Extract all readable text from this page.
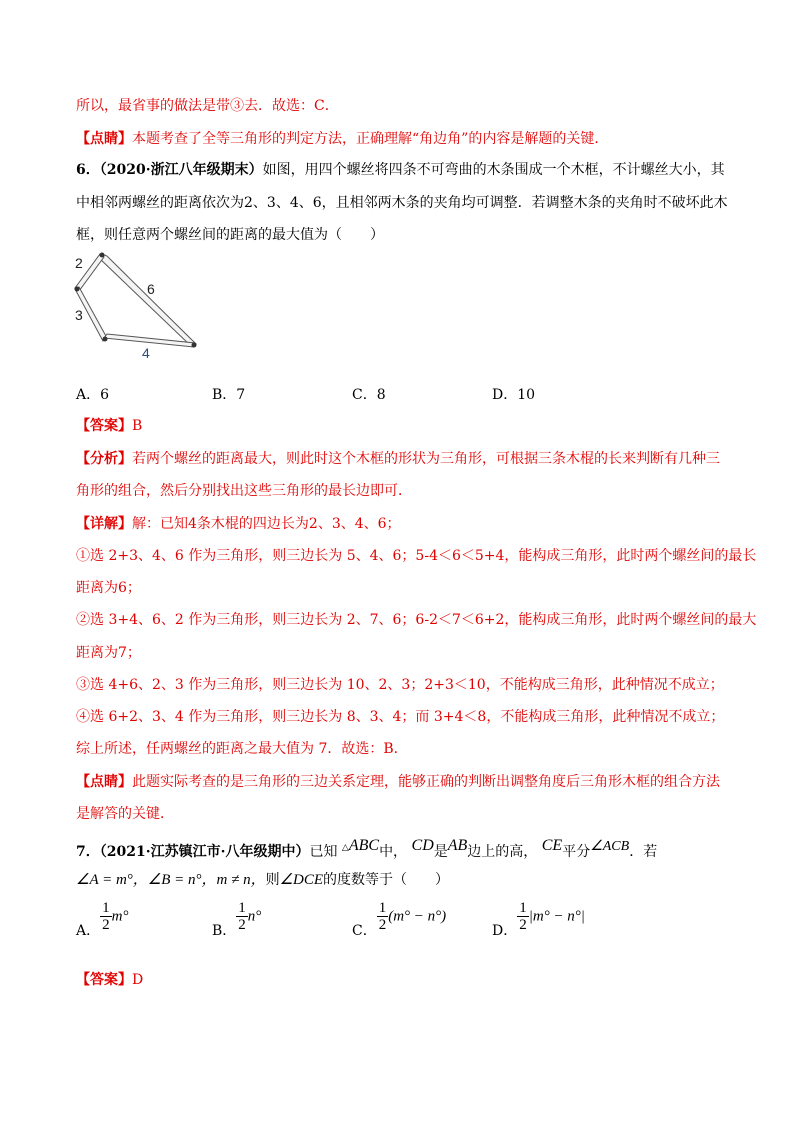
所以，最省事的做法是带③去．故选：C．
【点睛】本题考查了全等三角形的判定方法，正确理解“角边角”的内容是解题的关键．
6．（2020·浙江八年级期末）如图，用四个螺丝将四条不可弯曲的木条围成一个木框，不计螺丝大小，其
中相邻两螺丝的距离依次为2、3、4、6，且相邻两木条的夹角均可调整．若调整木条的夹角时不破坏此木
框，则任意两个螺丝间的距离的最大值为（　　）
2
6
3
4
A．6	B．7	C．8	D．10
【答案】B
【分析】若两个螺丝的距离最大，则此时这个木框的形状为三角形，可根据三条木棍的长来判断有几种三
角形的组合，然后分别找出这些三角形的最长边即可．
【详解】解：已知4条木棍的四边长为2、3、4、6；
①选 2+3、4、6 作为三角形，则三边长为 5、4、6；5-4＜6＜5+4，能构成三角形，此时两个螺丝间的最长
距离为6；
②选 3+4、6、2 作为三角形，则三边长为 2、7、6；6-2＜7＜6+2，能构成三角形，此时两个螺丝间的最大
距离为7；
③选 4+6、2、3 作为三角形，则三边长为 10、2、3；2+3＜10，不能构成三角形，此种情况不成立；
④选 6+2、3、4 作为三角形，则三边长为 8、3、4；而 3+4＜8，不能构成三角形，此种情况不成立；
综上所述，任两螺丝的距离之最大值为 7．故选：B．
【点睛】此题实际考查的是三角形的三边关系定理，能够正确的判断出调整角度后三角形木框的组合方法
是解答的关键．
7．（2021·江苏镇江市·八年级期中）已知 △ABC中， CD是AB边上的高， CE平分∠ACB．若
∠A = m°，∠B = n°，m ≠ n，则∠DCE的度数等于（　　）
A． $\frac{1}{2} m^\circ$
B． $\frac{1}{2} n^\circ$
C． $\frac{1}{2} (m^\circ - n^\circ)$
D． $\frac{1}{2} |m^\circ - n^\circ|$
【答案】D
